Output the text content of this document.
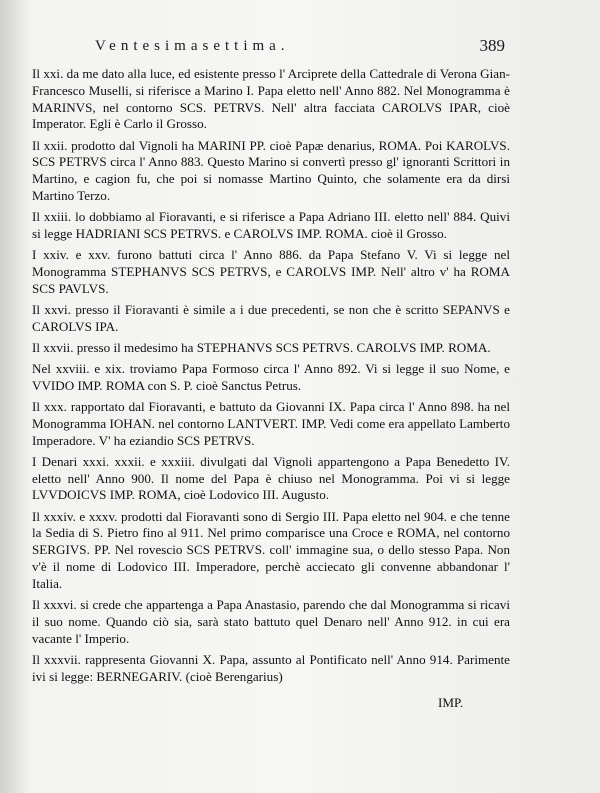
Ventesimasettima.	389

Il xxi. da me dato alla luce, ed esistente presso l' Arciprete della Cattedrale di Verona Gian-Francesco Muselli, si riferisce a Marino I. Papa eletto nell' Anno 882. Nel Monogramma è MARINVS, nel contorno SCS. PETRVS. Nell' altra facciata CAROLVS IPAR, cioè Imperator. Egli è Carlo il Grosso.

Il xxii. prodotto dal Vignoli ha MARINI PP. cioè Papæ denarius, ROMA. Poi KAROLVS. SCS PETRVS circa l' Anno 883. Questo Marino si convertì presso gl' ignoranti Scrittori in Martino, e cagion fu, che poi si nomasse Martino Quinto, che solamente era da dirsi Martino Terzo.

Il xxiii. lo dobbiamo al Fioravanti, e si riferisce a Papa Adriano III. eletto nell' 884. Quivi si legge HADRIANI SCS PETRVS. e CAROLVS IMP. ROMA. cioè il Grosso.

I xxiv. e xxv. furono battuti circa l' Anno 886. da Papa Stefano V. Vi si legge nel Monogramma STEPHANVS SCS PETRVS, e CAROLVS IMP. Nell' altro v' ha ROMA SCS PAVLVS.

Il xxvi. presso il Fioravanti è simile a i due precedenti, se non che è scritto SEPANVS e CAROLVS IPA.

Il xxvii. presso il medesimo ha STEPHANVS SCS PETRVS. CAROLVS IMP. ROMA.

Nel xxviii. e xix. troviamo Papa Formoso circa l' Anno 892. Vi si legge il suo Nome, e VVIDO IMP. ROMA con S. P. cioè Sanctus Petrus.

Il xxx. rapportato dal Fioravanti, e battuto da Giovanni IX. Papa circa l' Anno 898. ha nel Monogramma IOHAN. nel contorno LANTVERT. IMP. Vedi come era appellato Lamberto Imperadore. V' ha eziandio SCS PETRVS.

I Denari xxxi. xxxii. e xxxiii. divulgati dal Vignoli appartengono a Papa Benedetto IV. eletto nell' Anno 900. Il nome del Papa è chiuso nel Monogramma. Poi vi si legge LVVDOICVS IMP. ROMA, cioè Lodovico III. Augusto.

Il xxxiv. e xxxv. prodotti dal Fioravanti sono di Sergio III. Papa eletto nel 904. e che tenne la Sedia di S. Pietro fino al 911. Nel primo comparisce una Croce e ROMA, nel contorno SERGIVS. PP. Nel rovescio SCS PETRVS. coll' immagine sua, o dello stesso Papa. Non v'è il nome di Lodovico III. Imperadore, perchè acciecato gli convenne abbandonar l' Italia.

Il xxxvi. si crede che appartenga a Papa Anastasio, parendo che dal Monogramma si ricavi il suo nome. Quando ciò sia, sarà stato battuto quel Denaro nell' Anno 912. in cui era vacante l' Imperio.

Il xxxvii. rappresenta Giovanni X. Papa, assunto al Pontificato nell' Anno 914. Parimente ivi si legge: BERNEGARIV. (cioè Berengarius)

IMP.
